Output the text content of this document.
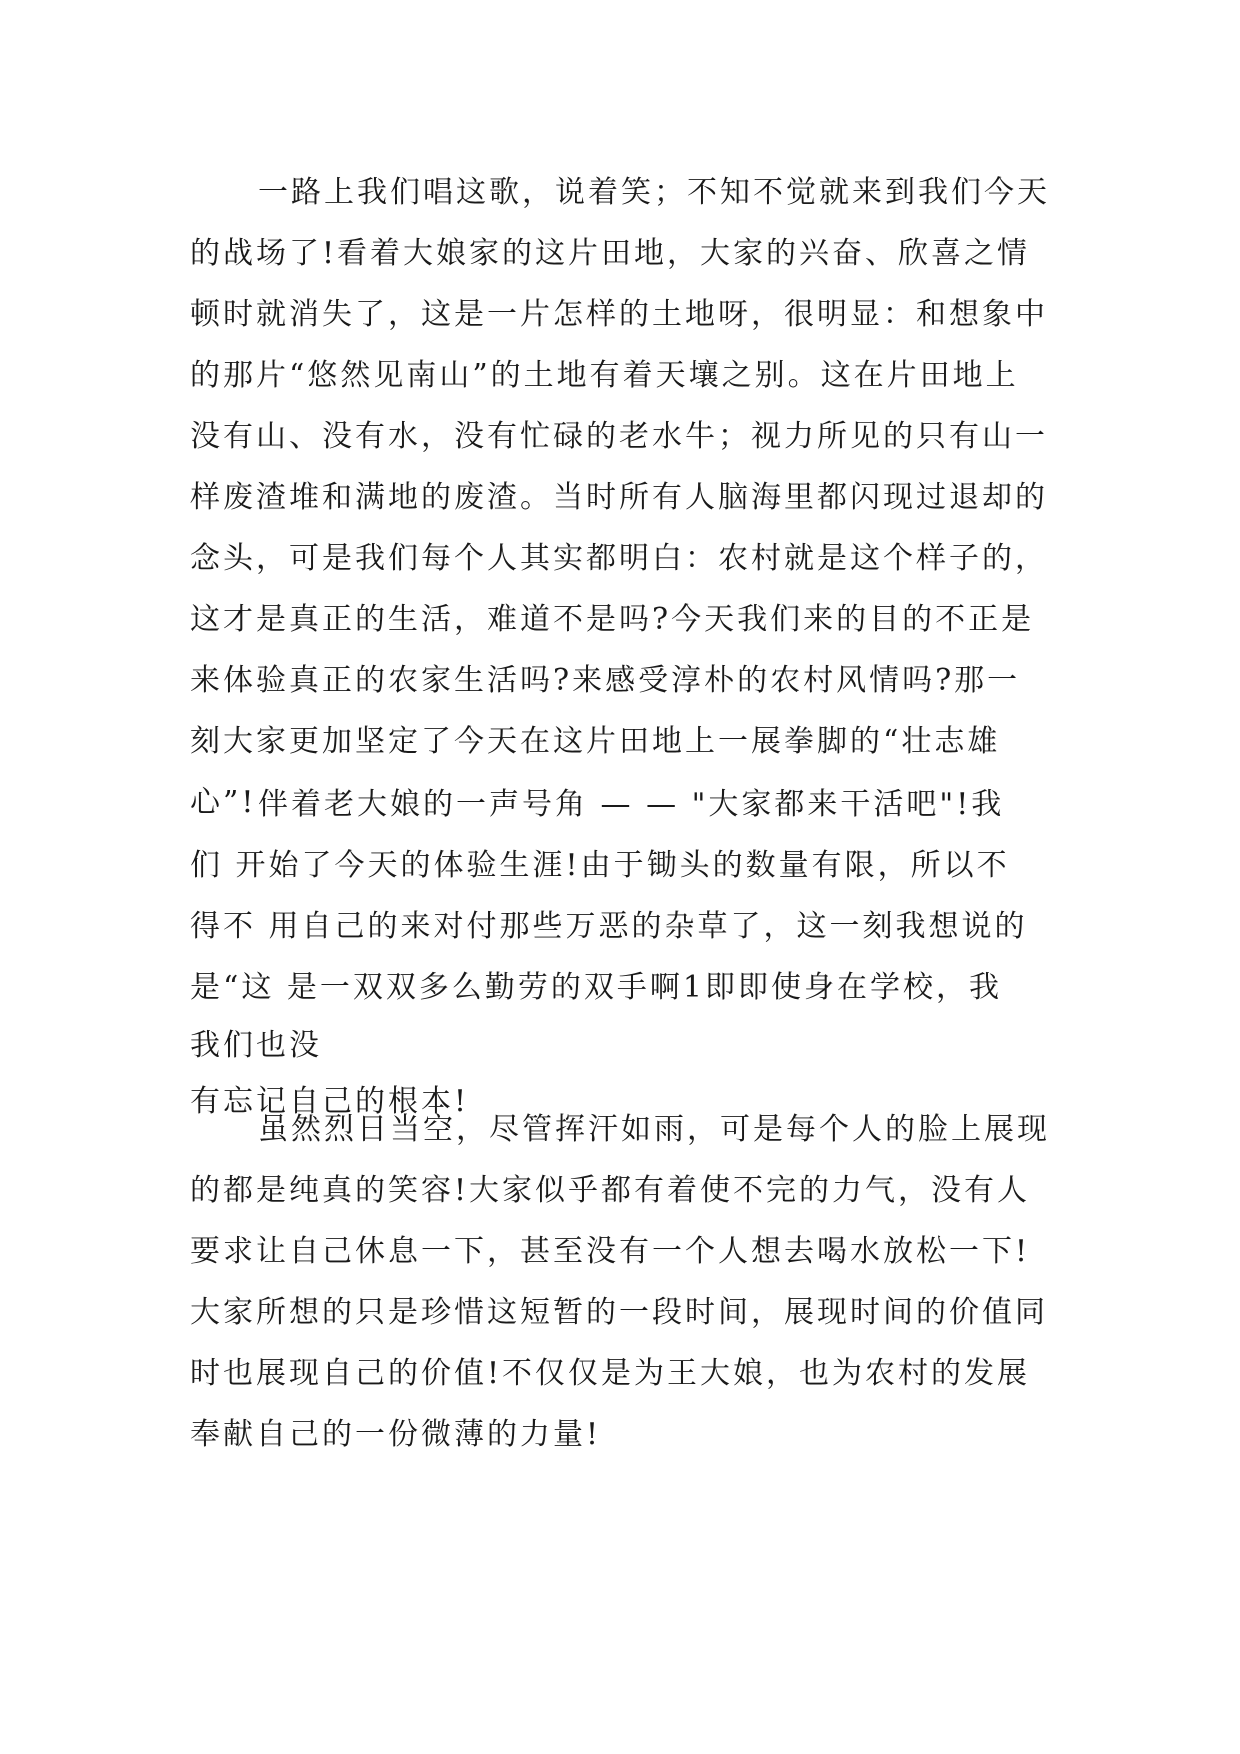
一路上我们唱这歌，说着笑；不知不觉就来到我们今天
的战场了!看着大娘家的这片田地，大家的兴奋、欣喜之情
顿时就消失了，这是一片怎样的土地呀，很明显：和想象中
的那片“悠然见南山”的土地有着天壤之别。这在片田地上
没有山、没有水，没有忙碌的老水牛；视力所见的只有山一
样废渣堆和满地的废渣。当时所有人脑海里都闪现过退却的
念头，可是我们每个人其实都明白：农村就是这个样子的，
这才是真正的生活，难道不是吗?今天我们来的目的不正是
来体验真正的农家生活吗?来感受淳朴的农村风情吗?那一
刻大家更加坚定了今天在这片田地上一展拳脚的“壮志雄
心”! 伴着老大娘的一声号角 — — "大家都来干活吧"!我
们 开始了今天的体验生涯!由于锄头的数量有限，所以不
得不 用自己的来对付那些万恶的杂草了，这一刻我想说的
是“这 是一双双多么勤劳的双手啊1即即使身在学校，我
我们也没
有忘记自己的根本!
虽然烈日当空，尽管挥汗如雨，可是每个人的脸上展现
的都是纯真的笑容!大家似乎都有着使不完的力气，没有人
要求让自己休息一下，甚至没有一个人想去喝水放松一下!
大家所想的只是珍惜这短暂的一段时间，展现时间的价值同
时也展现自己的价值!不仅仅是为王大娘，也为农村的发展
奉献自己的一份微薄的力量!
